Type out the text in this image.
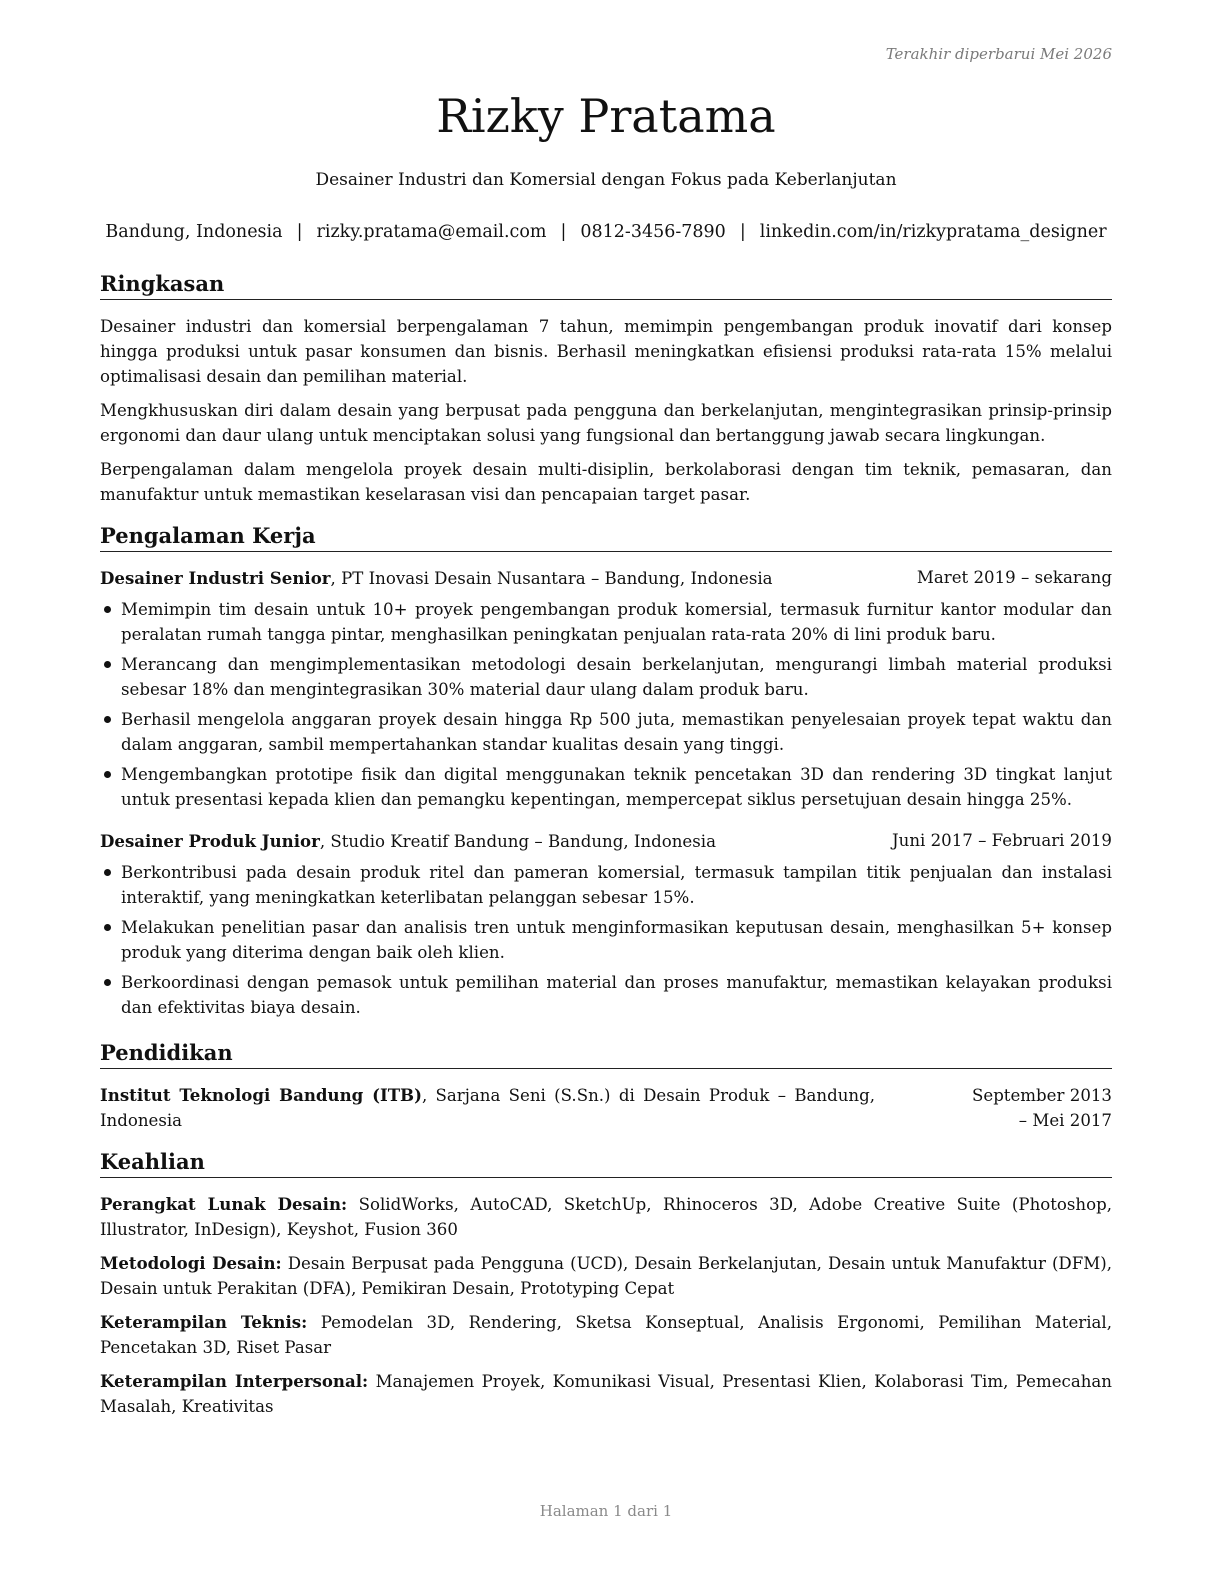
Terakhir diperbarui Mei 2026
Rizky Pratama
Desainer Industri dan Komersial dengan Fokus pada Keberlanjutan
Bandung, Indonesia | rizky.pratama@email.com | 0812-3456-7890 | linkedin.com/in/rizkypratama_designer
Ringkasan

Desainer industri dan komersial berpengalaman 7 tahun, memimpin pengembangan produk inovatif dari konsep hingga produksi untuk pasar konsumen dan bisnis. Berhasil meningkatkan efisiensi produksi rata-rata 15% melalui optimalisasi desain dan pemilihan material.

Mengkhususkan diri dalam desain yang berpusat pada pengguna dan berkelanjutan, mengintegrasikan prinsip-prinsip ergonomi dan daur ulang untuk menciptakan solusi yang fungsional dan bertanggung jawab secara lingkungan.

Berpengalaman dalam mengelola proyek desain multi-disiplin, berkolaborasi dengan tim teknik, pemasaran, dan manufaktur untuk memastikan keselarasan visi dan pencapaian target pasar.

Pengalaman Kerja
Desainer Industri Senior, PT Inovasi Desain Nusantara – Bandung, Indonesia	Maret 2019 – sekarang
Memimpin tim desain untuk 10+ proyek pengembangan produk komersial, termasuk furnitur kantor modular dan peralatan rumah tangga pintar, menghasilkan peningkatan penjualan rata-rata 20% di lini produk baru.
Merancang dan mengimplementasikan metodologi desain berkelanjutan, mengurangi limbah material produksi sebesar 18% dan mengintegrasikan 30% material daur ulang dalam produk baru.
Berhasil mengelola anggaran proyek desain hingga Rp 500 juta, memastikan penyelesaian proyek tepat waktu dan dalam anggaran, sambil mempertahankan standar kualitas desain yang tinggi.
Mengembangkan prototipe fisik dan digital menggunakan teknik pencetakan 3D dan rendering 3D tingkat lanjut untuk presentasi kepada klien dan pemangku kepentingan, mempercepat siklus persetujuan desain hingga 25%.
Desainer Produk Junior, Studio Kreatif Bandung – Bandung, Indonesia	Juni 2017 – Februari 2019
Berkontribusi pada desain produk ritel dan pameran komersial, termasuk tampilan titik penjualan dan instalasi interaktif, yang meningkatkan keterlibatan pelanggan sebesar 15%.
Melakukan penelitian pasar dan analisis tren untuk menginformasikan keputusan desain, menghasilkan 5+ konsep produk yang diterima dengan baik oleh klien.
Berkoordinasi dengan pemasok untuk pemilihan material dan proses manufaktur, memastikan kelayakan produksi dan efektivitas biaya desain.
Pendidikan
Institut Teknologi Bandung (ITB), Sarjana Seni (S.Sn.) di Desain Produk – Bandung, Indonesia
September 2013 – Mei 2017
Keahlian

Perangkat Lunak Desain: SolidWorks, AutoCAD, SketchUp, Rhinoceros 3D, Adobe Creative Suite (Photoshop, Illustrator, InDesign), Keyshot, Fusion 360

Metodologi Desain: Desain Berpusat pada Pengguna (UCD), Desain Berkelanjutan, Desain untuk Manufaktur (DFM), Desain untuk Perakitan (DFA), Pemikiran Desain, Prototyping Cepat

Keterampilan Teknis: Pemodelan 3D, Rendering, Sketsa Konseptual, Analisis Ergonomi, Pemilihan Material, Pencetakan 3D, Riset Pasar

Keterampilan Interpersonal: Manajemen Proyek, Komunikasi Visual, Presentasi Klien, Kolaborasi Tim, Pemecahan Masalah, Kreativitas

Halaman 1 dari 1
